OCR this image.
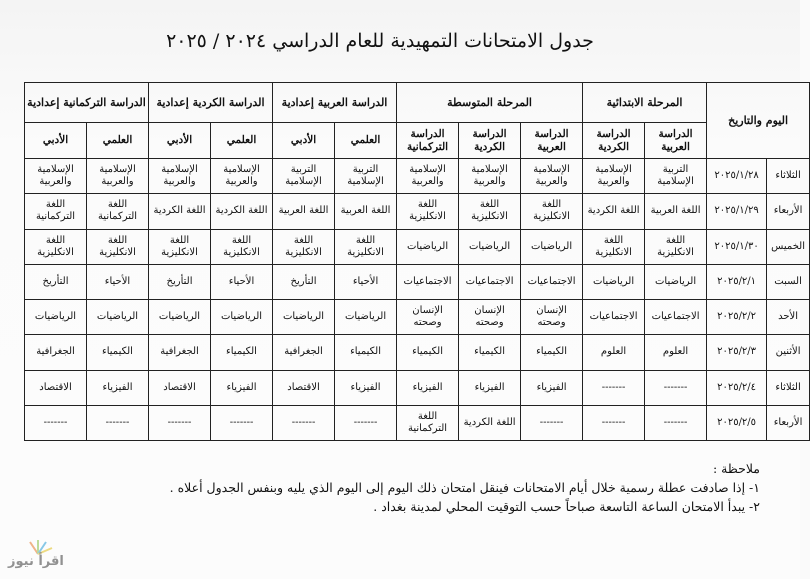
جدول الامتحانات التمهيدية للعام الدراسي ٢٠٢٤ / ٢٠٢٥
اليوم والتاريخ		المرحلة الابتدائية		المرحلة المتوسطة			الدراسة العربية إعدادية		الدراسة الكردية إعدادية		الدراسة التركمانية إعدادية	
		الدراسة العربية	الدراسة الكردية	الدراسة العربية	الدراسة الكردية	الدراسة التركمانية	العلمي	الأدبي	العلمي	الأدبي	العلمي	الأدبي
الثلاثاء	٢٠٢٥/١/٢٨	التربية الإسلامية	الإسلامية والعربية	الإسلامية والعربية	الإسلامية والعربية	الإسلامية والعربية	التربية الإسلامية	التربية الإسلامية	الإسلامية والعربية	الإسلامية والعربية	الإسلامية والعربية	الإسلامية والعربية
الأربعاء	٢٠٢٥/١/٢٩	اللغة العربية	اللغة الكردية	اللغة الانكليزية	اللغة الانكليزية	اللغة الانكليزية	اللغة العربية	اللغة العربية	اللغة الكردية	اللغة الكردية	اللغة التركمانية	اللغة التركمانية
الخميس	٢٠٢٥/١/٣٠	اللغة الانكليزية	اللغة الانكليزية	الرياضيات	الرياضيات	الرياضيات	اللغة الانكليزية	اللغة الانكليزية	اللغة الانكليزية	اللغة الانكليزية	اللغة الانكليزية	اللغة الانكليزية
السبت	٢٠٢٥/٢/١	الرياضيات	الرياضيات	الاجتماعيات	الاجتماعيات	الاجتماعيات	الأحياء	التأريخ	الأحياء	التأريخ	الأحياء	التأريخ
الأحد	٢٠٢٥/٢/٢	الاجتماعيات	الاجتماعيات	الإنسان وصحته	الإنسان وصحته	الإنسان وصحته	الرياضيات	الرياضيات	الرياضيات	الرياضيات	الرياضيات	الرياضيات
الأثنين	٢٠٢٥/٢/٣	العلوم	العلوم	الكيمياء	الكيمياء	الكيمياء	الكيمياء	الجغرافية	الكيمياء	الجغرافية	الكيمياء	الجغرافية
الثلاثاء	٢٠٢٥/٢/٤	-------	-------	الفيزياء	الفيزياء	الفيزياء	الفيزياء	الاقتصاد	الفيزياء	الاقتصاد	الفيزياء	الاقتصاد
الأربعاء	٢٠٢٥/٢/٥	-------	-------	-------	اللغة الكردية	اللغة التركمانية	-------	-------	-------	-------	-------	-------
ملاحظة :
١- إذا صادفت عطلة رسمية خلال أيام الامتحانات فينقل امتحان ذلك اليوم إلى اليوم الذي يليه وبنفس الجدول أعلاه .
٢- يبدأ الامتحان الساعة التاسعة صباحاً حسب التوقيت المحلي لمدينة بغداد .
اقرأ نيوز
